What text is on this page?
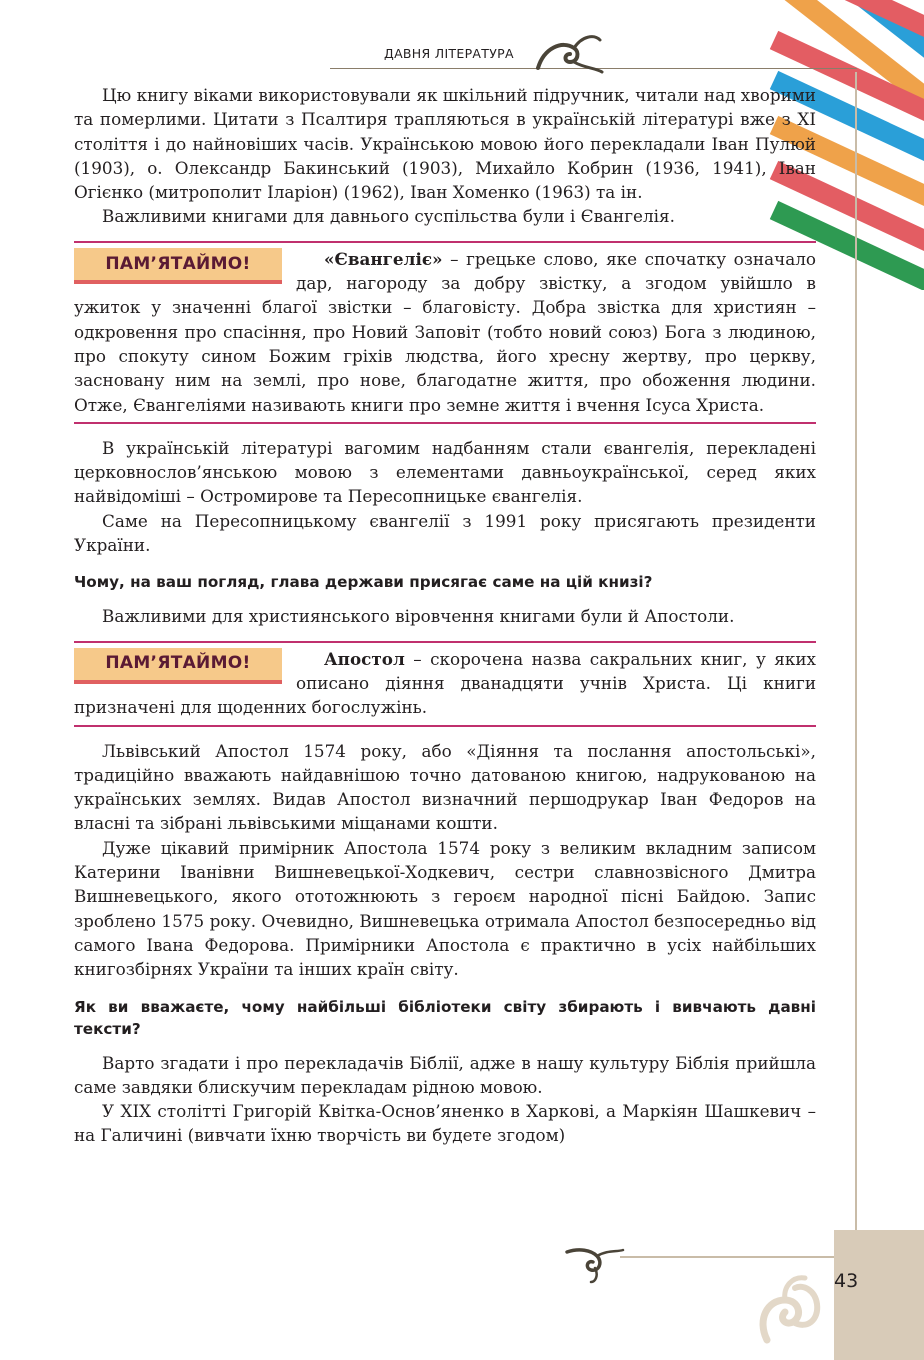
ДАВНЯ ЛІТЕРАТУРА
43

Цю книгу віками використовували як шкільний підручник, читали над хворими та померлими. Цитати з Псалтиря трапляються в українській літературі вже з XI століття і до найновіших часів. Українською мовою його перекладали Іван Пулюй (1903), о. Олександр Бакинський (1903), Михайло Кобрин (1936, 1941), Іван Огієнко (митрополит Іларіон) (1962), Іван Хоменко (1963) та ін.

Важливими книгами для давнього суспільства були і Євангелія.

ПАМ’ЯТАЙМО!	«Євангеліє» – грецьке слово, яке спочатку означало дар, нагороду за добру звістку, а згодом увійшло в ужиток у значенні благої звістки – благовісту. Добра звістка для християн – одкровення про спасіння, про Новий Заповіт (тобто новий союз) Бога з людиною, про спокуту сином Божим гріхів людства, його хресну жертву, про церкву, засновану ним на землі, про нове, благодатне життя, про обоження людини. Отже, Євангеліями називають книги про земне життя і вчення Ісуса Христа.

В українській літературі вагомим надбанням стали євангелія, перекладені церковнослов’янською мовою з елементами давньоукраїнської, серед яких найвідоміші – Остромирове та Пересопницьке євангелія.

Саме на Пересопницькому євангелії з 1991 року присягають президенти України.

Чому, на ваш погляд, глава держави присягає саме на цій книзі?

Важливими для християнського віровчення книгами були й Апостоли.

ПАМ’ЯТАЙМО!	Апостол – скорочена назва сакральних книг, у яких описано діяння дванадцяти учнів Христа. Ці книги призначені для щоденних богослужінь.

Львівський Апостол 1574 року, або «Діяння та послання апостольські», традиційно вважають найдавнішою точно датованою книгою, надрукованою на українських землях. Видав Апостол визначний першодрукар Іван Федоров на власні та зібрані львівськими міщанами кошти.

Дуже цікавий примірник Апостола 1574 року з великим вкладним записом Катерини Іванівни Вишневецької-Ходкевич, сестри славнозвісного Дмитра Вишневецького, якого ототожнюють з героєм народної пісні Байдою. Запис зроблено 1575 року. Очевидно, Вишневецька отримала Апостол безпосередньо від самого Івана Федорова. Примірники Апостола є практично в усіх найбільших книгозбірнях України та інших країн світу.

Як ви вважаєте, чому найбільші бібліотеки світу збирають і вивчають давні тексти?

Варто згадати і про перекладачів Біблії, адже в нашу культуру Біблія прийшла саме завдяки блискучим перекладам рідною мовою.

У XIX столітті Григорій Квітка-Основ’яненко в Харкові, а Маркіян Шашкевич – на Галичині (вивчати їхню творчість ви будете згодом)
